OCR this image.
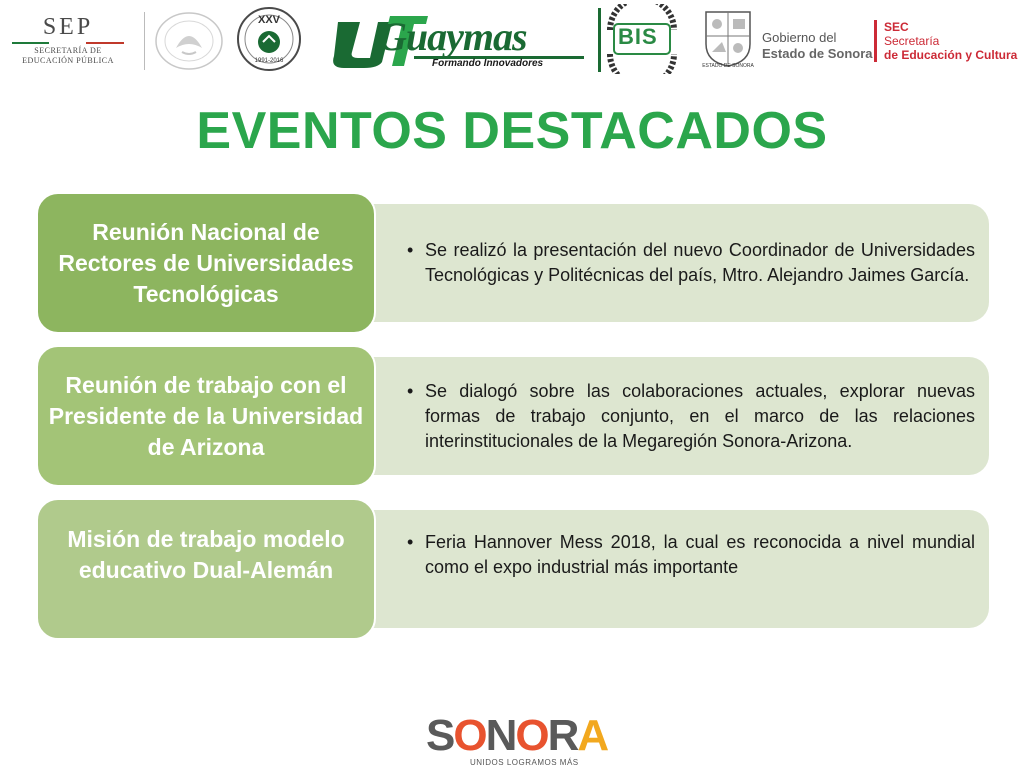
SEP
SECRETARÍA DE
EDUCACIÓN PÚBLICA
XXV
1991-2016
Guaymas
Formando Innovadores
BIS
ESTADO DE SONORA
Gobierno del
Estado de Sonora
SEC
Secretaría
de Educación y Cultura
EVENTOS DESTACADOS
• Se realizó la presentación del nuevo Coordinador de Universidades Tecnológicas y Politécnicas del país, Mtro. Alejandro Jaimes García.
Reunión Nacional de Rectores de Universidades Tecnológicas
• Se dialogó sobre las colaboraciones actuales, explorar nuevas formas de trabajo conjunto, en el marco de las relaciones interinstitucionales de la Megaregión Sonora-Arizona.
Reunión de trabajo con el Presidente de la Universidad de Arizona
• Feria Hannover Mess 2018, la cual es reconocida a nivel mundial como el expo industrial más importante
Misión de trabajo modelo educativo Dual-Alemán
SONORA
UNIDOS LOGRAMOS MÁS
